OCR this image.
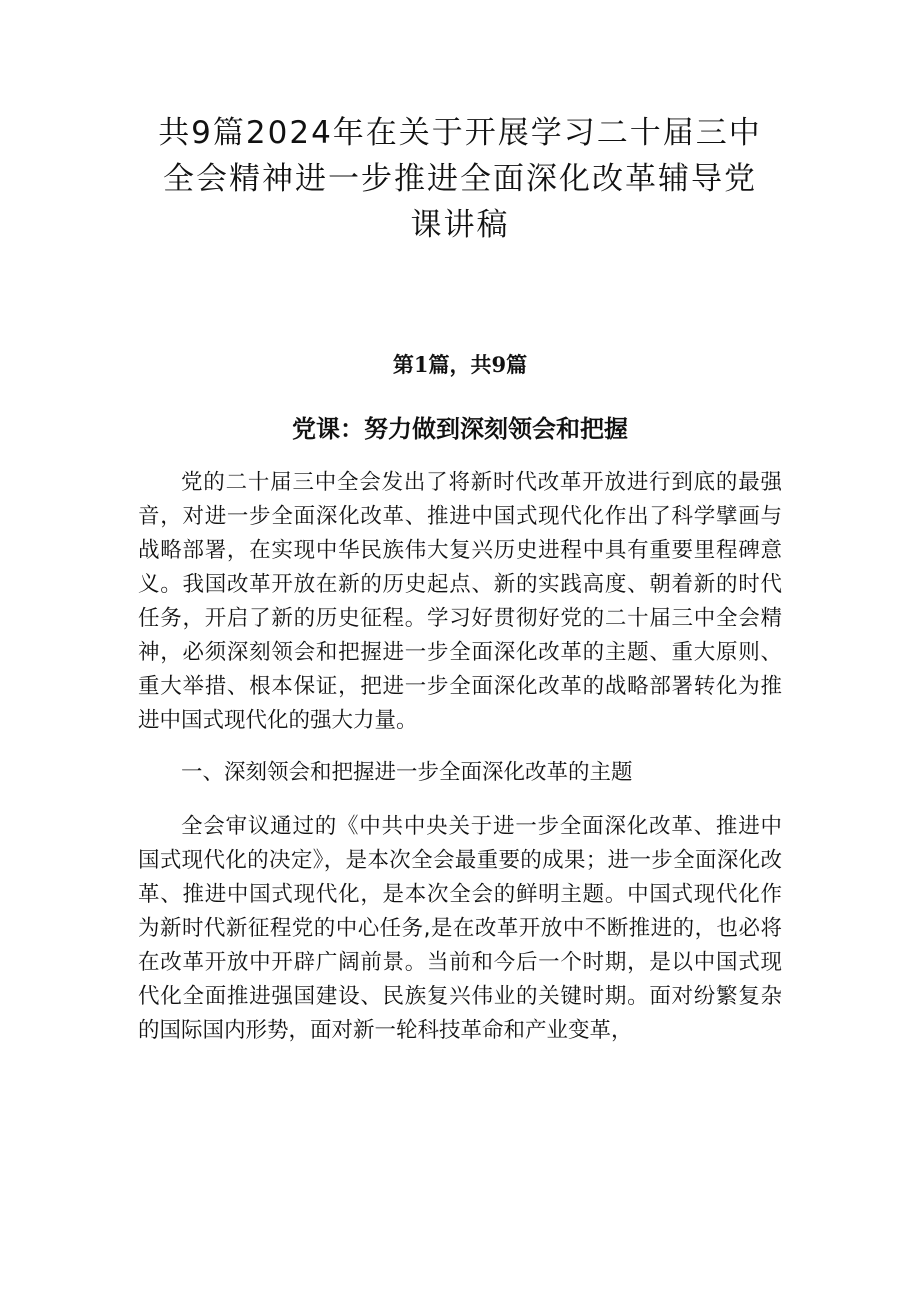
共9篇2024年在关于开展学习二十届三中
全会精神进一步推进全面深化改革辅导党
课讲稿
第1篇，共9篇
党课：努力做到深刻领会和把握

党的二十届三中全会发出了将新时代改革开放进行到底的最强音，对进一步全面深化改革、推进中国式现代化作出了科学擘画与战略部署，在实现中华民族伟大复兴历史进程中具有重要里程碑意义。我国改革开放在新的历史起点、新的实践高度、朝着新的时代任务，开启了新的历史征程。学习好贯彻好党的二十届三中全会精神，必须深刻领会和把握进一步全面深化改革的主题、重大原则、重大举措、根本保证，把进一步全面深化改革的战略部署转化为推进中国式现代化的强大力量。

一、深刻领会和把握进一步全面深化改革的主题

全会审议通过的《中共中央关于进一步全面深化改革、推进中国式现代化的决定》，是本次全会最重要的成果；进一步全面深化改革、推进中国式现代化，是本次全会的鲜明主题。中国式现代化作为新时代新征程党的中心任务,是在改革开放中不断推进的，也必将在改革开放中开辟广阔前景。当前和今后一个时期，是以中国式现代化全面推进强国建设、民族复兴伟业的关键时期。面对纷繁复杂的国际国内形势，面对新一轮科技革命和产业变革，
